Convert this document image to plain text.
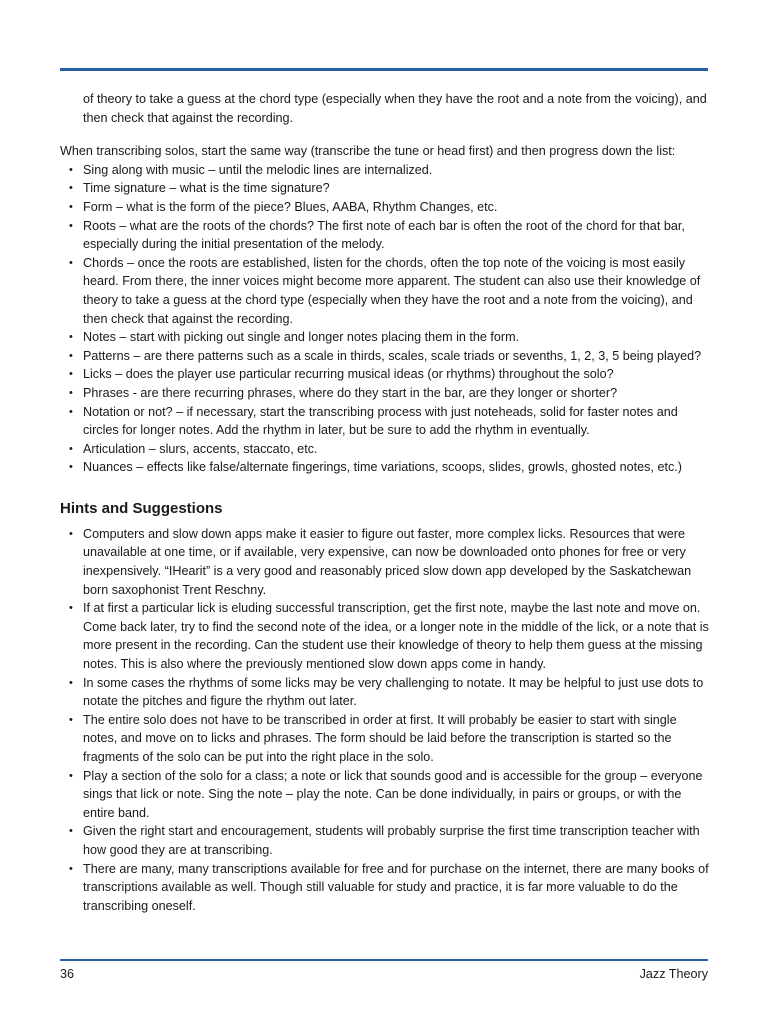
of theory to take a guess at the chord type (especially when they have the root and a note from the voicing), and then check that against the recording.
When transcribing solos, start the same way (transcribe the tune or head first) and then progress down the list:
• Sing along with music – until the melodic lines are internalized.
• Time signature – what is the time signature?
• Form – what is the form of the piece? Blues, AABA, Rhythm Changes, etc.
• Roots – what are the roots of the chords? The first note of each bar is often the root of the chord for that bar, especially during the initial presentation of the melody.
• Chords – once the roots are established, listen for the chords, often the top note of the voicing is most easily heard. From there, the inner voices might become more apparent. The student can also use their knowledge of theory to take a guess at the chord type (especially when they have the root and a note from the voicing), and then check that against the recording.
• Notes – start with picking out single and longer notes placing them in the form.
• Patterns – are there patterns such as a scale in thirds, scales, scale triads or sevenths, 1, 2, 3, 5 being played?
• Licks – does the player use particular recurring musical ideas (or rhythms) throughout the solo?
• Phrases - are there recurring phrases, where do they start in the bar, are they longer or shorter?
• Notation or not? – if necessary, start the transcribing process with just noteheads, solid for faster notes and circles for longer notes. Add the rhythm in later, but be sure to add the rhythm in eventually.
• Articulation – slurs, accents, staccato, etc.
• Nuances – effects like false/alternate fingerings, time variations, scoops, slides, growls, ghosted notes, etc.)
Hints and Suggestions
• Computers and slow down apps make it easier to figure out faster, more complex licks. Resources that were unavailable at one time, or if available, very expensive, can now be downloaded onto phones for free or very inexpensively. “IHearit” is a very good and reasonably priced slow down app developed by the Saskatchewan born saxophonist Trent Reschny.
• If at first a particular lick is eluding successful transcription, get the first note, maybe the last note and move on. Come back later, try to find the second note of the idea, or a longer note in the middle of the lick, or a note that is more present in the recording. Can the student use their knowledge of theory to help them guess at the missing notes. This is also where the previously mentioned slow down apps come in handy.
• In some cases the rhythms of some licks may be very challenging to notate. It may be helpful to just use dots to notate the pitches and figure the rhythm out later.
• The entire solo does not have to be transcribed in order at first. It will probably be easier to start with single notes, and move on to licks and phrases. The form should be laid before the transcription is started so the fragments of the solo can be put into the right place in the solo.
• Play a section of the solo for a class; a note or lick that sounds good and is accessible for the group – everyone sings that lick or note. Sing the note – play the note. Can be done individually, in pairs or groups, or with the entire band.
• Given the right start and encouragement, students will probably surprise the first time transcription teacher with how good they are at transcribing.
• There are many, many transcriptions available for free and for purchase on the internet, there are many books of transcriptions available as well. Though still valuable for study and practice, it is far more valuable to do the transcribing oneself.
36	Jazz Theory
